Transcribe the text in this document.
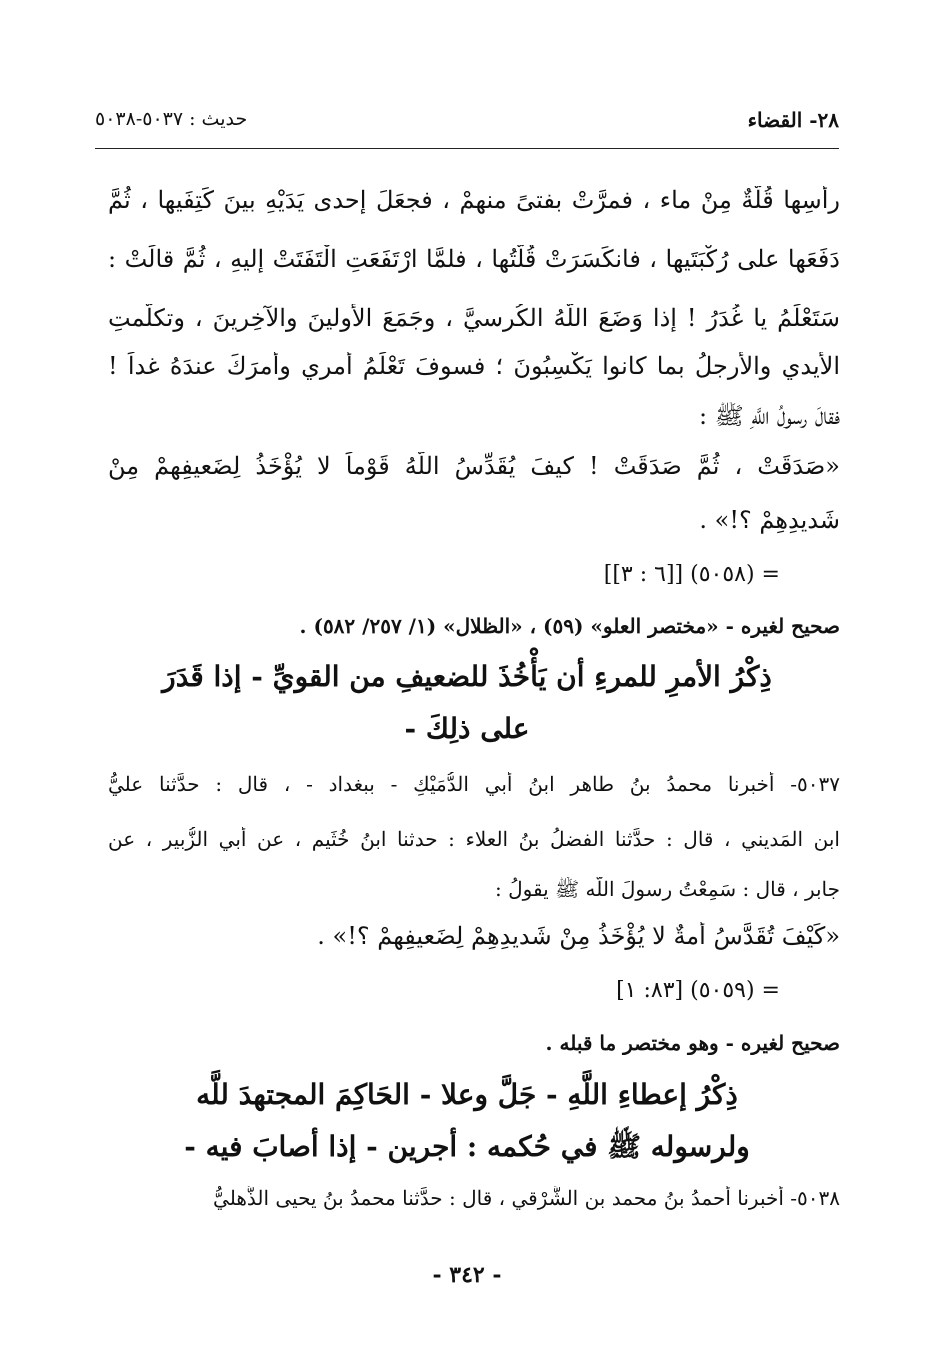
٢٨- القضاء
حديث : ٥٠٣٧-٥٠٣٨
رأسِها قُلَّةٌ مِنْ ماء ، فمرَّتْ بفتىً منهمْ ، فجعَلَ إحدى يَدَيْهِ بينَ كَتِفَيها ، ثُمَّ
دَفَعَها على رُكْبَتَيها ، فانكَسَرَتْ قُلَّتُها ، فلمَّا ارْتَفَعَتِ الْتَفَتَتْ إليهِ ، ثُمَّ قالَتْ :
سَتَعْلَمُ يا غُدَرُ ! إذا وَضَعَ اللَّهُ الكُرسيَّ ، وجَمَعَ الأولينَ والآخِرينَ ، وتكلَّمتِ
الأَيدي والأرجلُ بما كانوا يَكْسِبُونَ ؛ فسوفَ تَعْلَمُ أَمري وأَمرَكَ عندَهُ غداً !
فقالَ رسولُ اللَّهِ ﷺ :
«صَدَقَتْ ، ثُمَّ صَدَقَتْ ! كيفَ يُقَدِّسُ اللَّهُ قَوْماً لا يُؤْخَذُ لِضَعيفِهِمْ مِنْ
شَديدِهِمْ ؟!» .
= (٥٠٥٨) [[٦ : ٣]]
صحيح لغيره - «مختصر العلو» (٥٩) ، «الظلال» (١/ ٢٥٧/ ٥٨٢) .
ذِكْرُ الأمرِ للمرءِ أن يَأْخُذَ للضعيفِ من القويِّ - إذا قَدَرَ
على ذلِكَ -
٥٠٣٧- أخبرنا محمدُ بنُ طاهر ابنُ أبي الدُّمَيْكِ - ببغداد - ، قال : حدَّثنا عليُّ
ابن المَديني ، قال : حدَّثنا الفضلُ بنُ العلاء : حدثنا ابنُ خُثَيم ، عن أبي الزُّبير ، عن
جابر ، قال : سَمِعْتُ رسولَ اللَّه ﷺ يقولُ :
«كَيْفَ تُقَدَّسُ أمةٌ لا يُؤْخَذُ مِنْ شَديدِهِمْ لِضَعيفِهِمْ ؟!» .
= (٥٠٥٩) [٨٣: ١]
صحيح لغيره - وهو مختصر ما قبله .
ذِكْرُ إعطاءِ اللَّهِ - جَلَّ وعلا - الحَاكِمَ المجتهدَ للَّه
ولرسوله ﷺ في حُكمه : أجرين - إذا أصابَ فيه -
٥٠٣٨- أخبرنا أحمدُ بنُ محمد بن الشَّرْقي ، قال : حدَّثنا محمدُ بنُ يحيى الذُّهليُّ
- ٣٤٢ -
